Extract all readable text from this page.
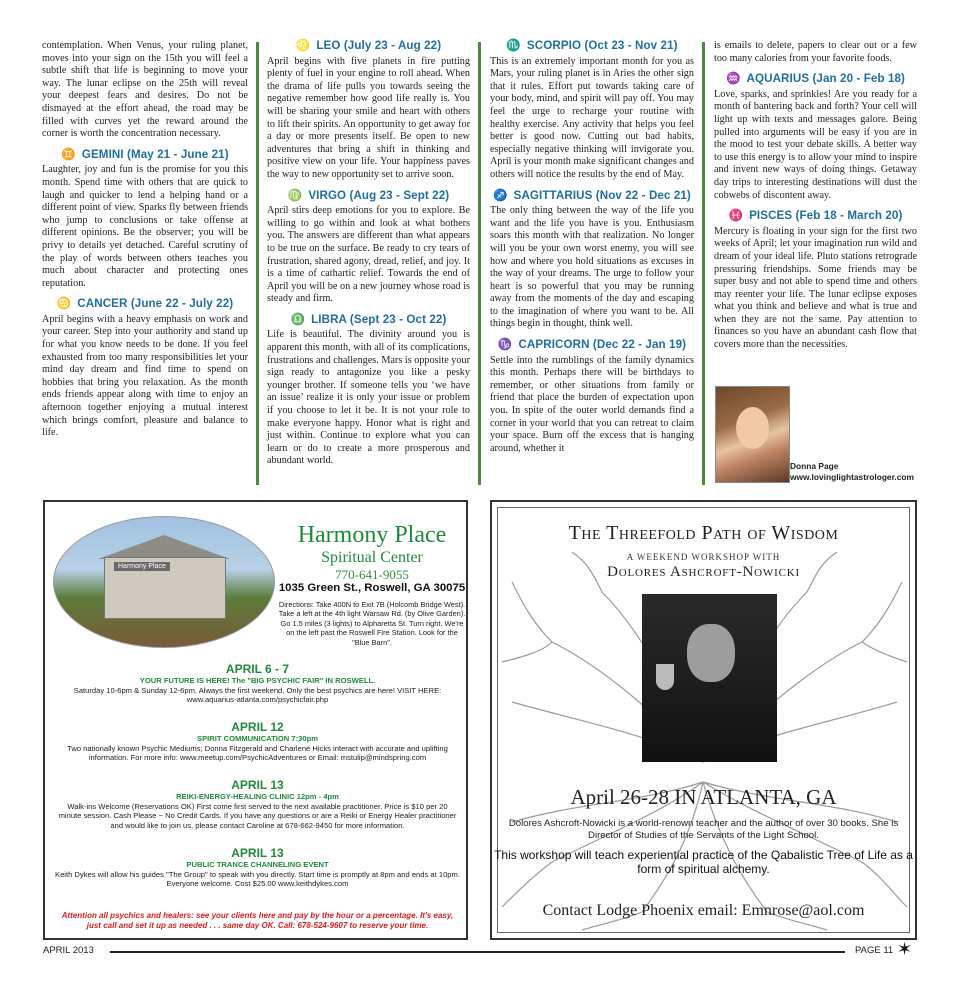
contemplation. When Venus, your ruling planet, moves into your sign on the 15th you will feel a subtle shift that life is beginning to move your way. The lunar eclipse on the 25th will reveal your deepest fears and desires. Do not be dismayed at the effort ahead, the road may be filled with curves yet the reward around the corner is worth the concentration necessary.

♊ GEMINI (May 21 - June 21)

Laughter, joy and fun is the promise for you this month. Spend time with others that are quick to laugh and quicker to lend a helping hand or a different point of view. Sparks fly between friends who jump to conclusions or take offense at different opinions. Be the observer; you will be privy to details yet detached. Careful scrutiny of the play of words between others teaches you much about character and protecting ones reputation.

♋ CANCER (June 22 - July 22)

April begins with a heavy emphasis on work and your career. Step into your authority and stand up for what you know needs to be done. If you feel exhausted from too many responsibilities let your mind day dream and find time to spend on hobbies that bring you relaxation. As the month ends friends appear along with time to enjoy an afternoon together enjoying a mutual interest which brings comfort, pleasure and balance to life.

♌ LEO (July 23 - Aug 22)

April begins with five planets in fire putting plenty of fuel in your engine to roll ahead. When the drama of life pulls you towards seeing the negative remember how good life really is. You will be sharing your smile and heart with others to lift their spirits. An opportunity to get away for a day or more presents itself. Be open to new adventures that bring a shift in thinking and positive view on your life. Your happiness paves the way to new opportunity set to arrive soon.

♍ VIRGO (Aug 23 - Sept 22)

April stirs deep emotions for you to explore. Be willing to go within and look at what bothers you. The answers are different than what appears to be true on the surface. Be ready to cry tears of frustration, shared agony, dread, relief, and joy. It is a time of cathartic relief. Towards the end of April you will be on a new journey whose road is steady and firm.

♎ LIBRA (Sept 23 - Oct 22)

Life is beautiful. The divinity around you is apparent this month, with all of its complications, frustrations and challenges. Mars is opposite your sign ready to antagonize you like a pesky younger brother. If someone tells you ‘we have an issue’ realize it is only your issue or problem if you choose to let it be. It is not your role to make everyone happy. Honor what is right and just within. Continue to explore what you can learn or do to create a more prosperous and abundant world.

♏ SCORPIO (Oct 23 - Nov 21)

This is an extremely important month for you as Mars, your ruling planet is in Aries the other sign that it rules. Effort put towards taking care of your body, mind, and spirit will pay off. You may feel the urge to recharge your routine with healthy exercise. Any activity that helps you feel better is good now. Cutting out bad habits, especially negative thinking will invigorate you. April is your month make significant changes and others will notice the results by the end of May.

♐ SAGITTARIUS (Nov 22 - Dec 21)

The only thing between the way of the life you want and the life you have is you. Enthusiasm soars this month with that realization. No longer will you be your own worst enemy, you will see how and where you hold situations as excuses in the way of your dreams. The urge to follow your heart is so powerful that you may be running away from the moments of the day and escaping to the imagination of where you want to be. All things begin in thought, think well.

♑ CAPRICORN (Dec 22 - Jan 19)

Settle into the rumblings of the family dynamics this month. Perhaps there will be birthdays to remember, or other situations from family or friend that place the burden of expectation upon you. In spite of the outer world demands find a corner in your world that you can retreat to claim your space. Burn off the excess that is hanging around, whether it

is emails to delete, papers to clear out or a few too many calories from your favorite foods.

♒ AQUARIUS (Jan 20 - Feb 18)

Love, sparks, and sprinkles! Are you ready for a month of bantering back and forth? Your cell will light up with texts and messages galore. Being pulled into arguments will be easy if you are in the mood to test your debate skills. A better way to use this energy is to allow your mind to inspire and invent new ways of doing things. Getaway day trips to interesting destinations will dust the cobwebs of discontent away.

♓ PISCES (Feb 18 - March 20)

Mercury is floating in your sign for the first two weeks of April; let your imagination run wild and dream of your ideal life. Pluto stations retrograde pressuring friendships. Some friends may be super busy and not able to spend time and others may reenter your life. The lunar eclipse exposes what you think and believe and what is true and when they are not the same. Pay attention to finances so you have an abundant cash flow that covers more than the necessities.

Donna Page
www.lovinglightastrologer.com
Harmony Place
Harmony Place
Spiritual Center
770-641-9055
1035 Green St., Roswell, GA 30075
Directions: Take 400N to Exit 7B (Holcomb Bridge West). Take a left at the 4th light Warsaw Rd. (by Olive Garden). Go 1.5 miles (3 lights) to Alpharetta St. Turn right. We're on the left past the Roswell Fire Station. Look for the "Blue Barn".
APRIL 6 - 7
YOUR FUTURE IS HERE! The "BIG PSYCHIC FAIR" IN ROSWELL.
Saturday 10-6pm & Sunday 12-6pm. Always the first weekend, Only the best psychics are here! VISIT HERE: www.aquarius-atlanta.com/psychicfair.php
APRIL 12
SPIRIT COMMUNICATION 7:30pm
Two nationally known Psychic Mediums; Donna Fitzgerald and Charlene Hicks interact with accurate and uplifting information. For more info: www.meetup.com/PsychicAdventures or Email: mstulip@mindspring.com
APRIL 13
REIKI-ENERGY-HEALING CLINIC 12pm - 4pm
Walk-ins Welcome (Reservations OK) First come first served to the next available practitioner. Price is $10 per 20 minute session. Cash Please ~ No Credit Cards. If you have any questions or are a Reiki or Energy Healer practitioner and would like to join us, please contact Caroline at 678-662-9450 for more information.
APRIL 13
PUBLIC TRANCE CHANNELING EVENT
Keith Dykes will allow his guides "The Group" to speak with you directly. Start time is promptly at 8pm and ends at 10pm. Everyone welcome. Cost $25.00 www.keithdykes.com
Attention all psychics and healers: see your clients here and pay by the hour or a percentage. It's easy, just call and set it up as needed . . . same day OK. Call: 678-524-9607 to reserve your time.
The Threefold Path of Wisdom
A WEEKEND WORKSHOP WITH
Dolores Ashcroft-Nowicki
April 26-28 IN ATLANTA, GA
Dolores Ashcroft-Nowicki is a world-renown teacher and the author of over 30 books. She is Director of Studies of the Servants of the Light School.
This workshop will teach experiential practice of the Qabalistic Tree of Life as a form of spiritual alchemy.
Contact Lodge Phoenix email: Emnrose@aol.com
APRIL 2013	PAGE 11 ✶
